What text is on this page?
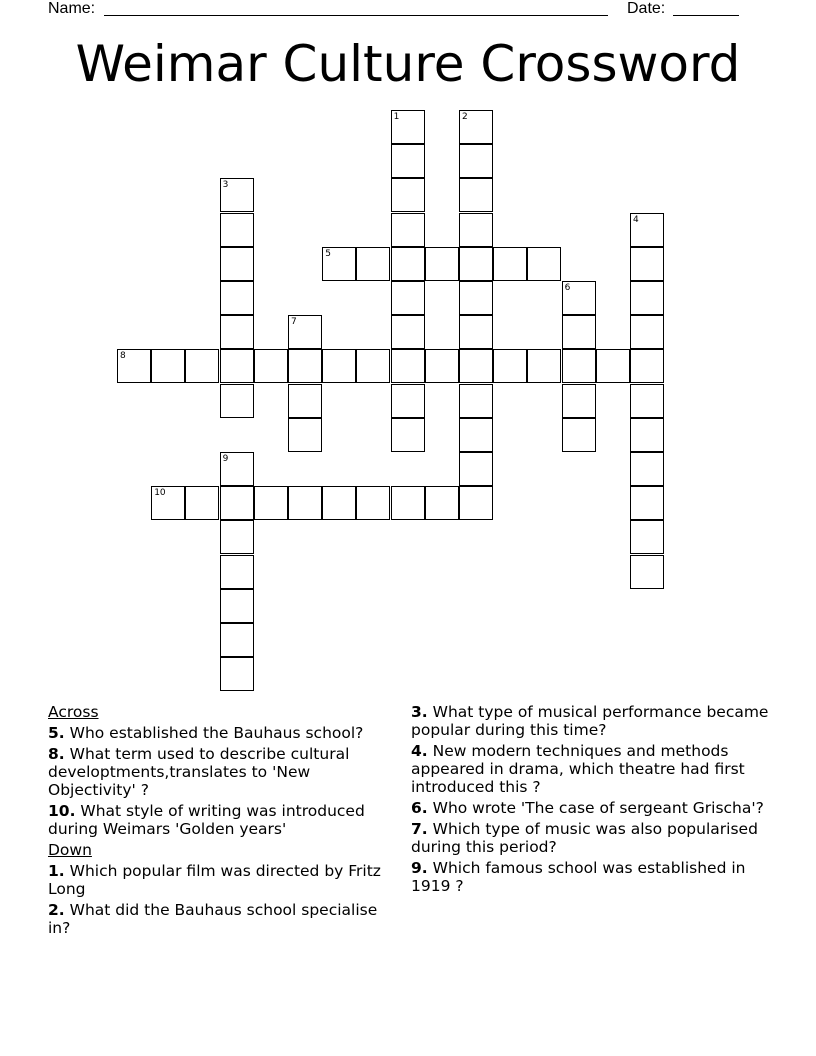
Name:	Date:
Weimar Culture Crossword
1	2
3
4
5
6
7
8
9
10
Across
5. Who established the Bauhaus school?
8. What term used to describe cultural developtments,translates to 'New Objectivity' ?
10. What style of writing was introduced during Weimars 'Golden years'
Down
1. Which popular film was directed by Fritz Long
2. What did the Bauhaus school specialise in?
3. What type of musical performance became popular during this time?
4. New modern techniques and methods appeared in drama, which theatre had first introduced this ?
6. Who wrote 'The case of sergeant Grischa'?
7. Which type of music was also popularised during this period?
9. Which famous school was established in 1919 ?
